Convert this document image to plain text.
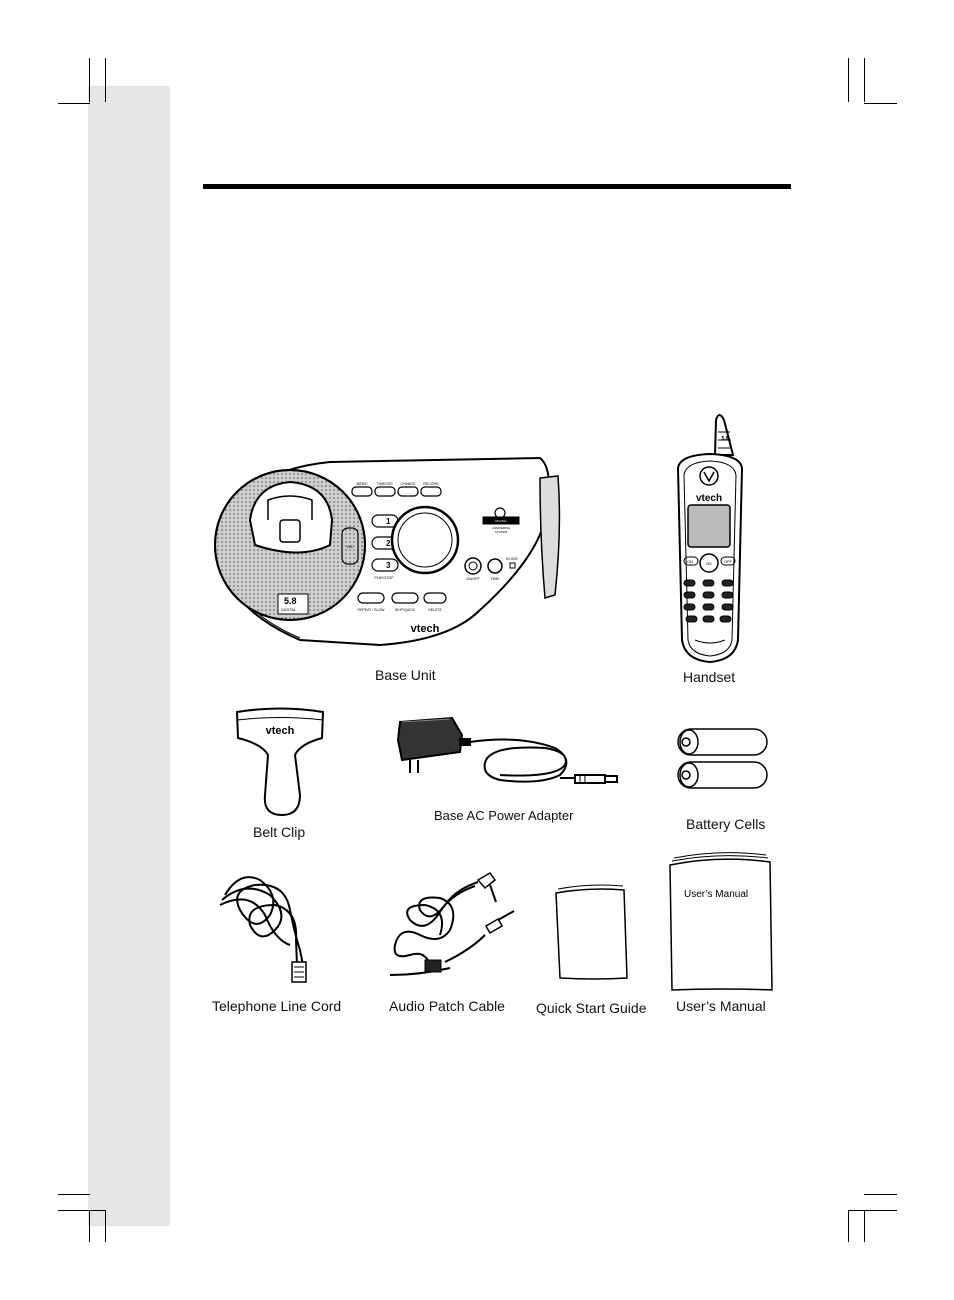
vtech
5.8
DIGITAL
MEMO	TIME/SET CHANGE RECORD
REPEAT / SLOW	SKIP/QUICK	DELETE
PLAY/STOP
VOL
ON/OFF	FIND
IN USE
DIGITAL
ANSWERING
SYSTEM
1
2
3
Base Unit
vtech
5.8
ON	OK	OFF
Handset
vtech
Belt Clip
Base AC Power Adapter
Battery Cells
Telephone Line Cord	Audio Patch Cable Quick Start Guide
User’s Manual
User’s Manual
